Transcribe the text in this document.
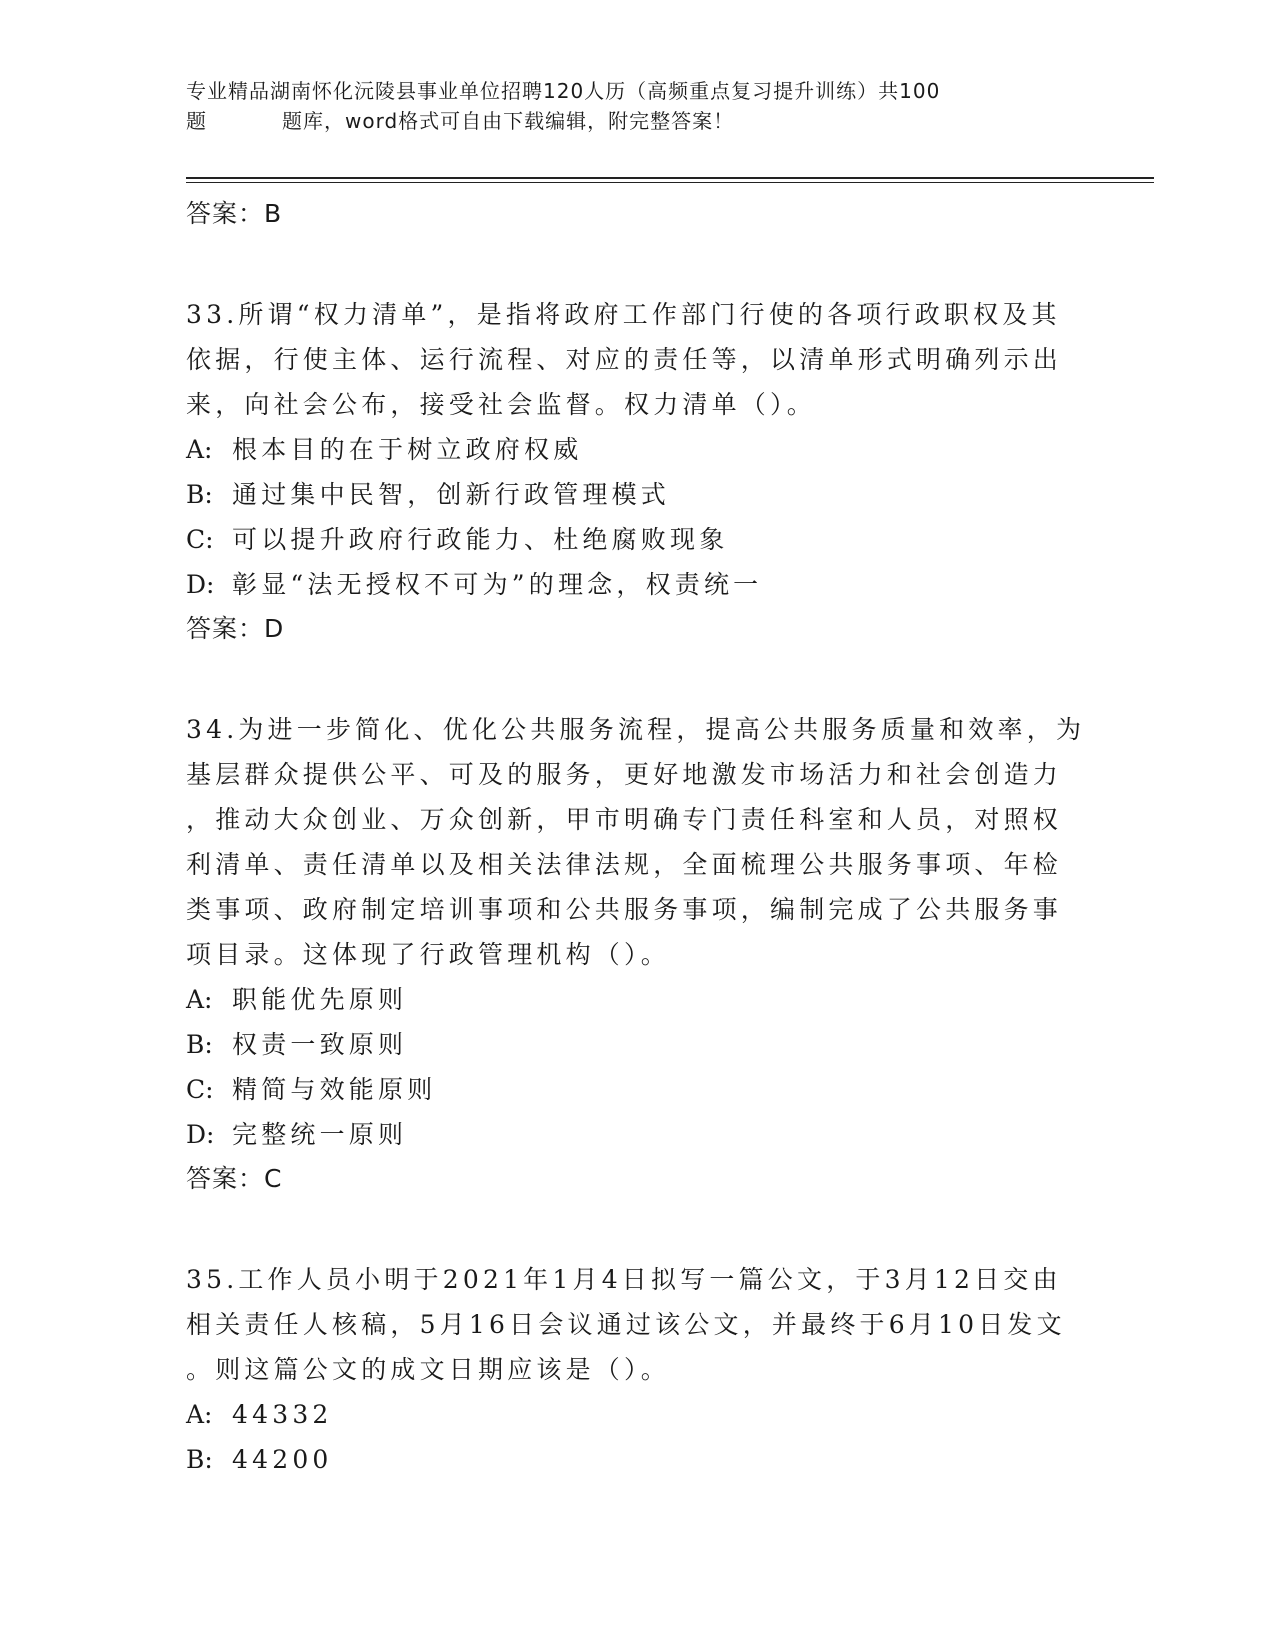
专业精品湖南怀化沅陵县事业单位招聘120人历（高频重点复习提升训练）共100
题	题库，word格式可自由下载编辑，附完整答案！
答案：B
33.所谓“权力清单”，是指将政府工作部门行使的各项行政职权及其
依据，行使主体、运行流程、对应的责任等，以清单形式明确列示出
来，向社会公布，接受社会监督。权力清单（）。
A: 根本目的在于树立政府权威
B: 通过集中民智，创新行政管理模式
C: 可以提升政府行政能力、杜绝腐败现象
D: 彰显“法无授权不可为”的理念，权责统一
答案：D
34.为进一步简化、优化公共服务流程，提高公共服务质量和效率，为
基层群众提供公平、可及的服务，更好地激发市场活力和社会创造力
，推动大众创业、万众创新，甲市明确专门责任科室和人员，对照权
利清单、责任清单以及相关法律法规，全面梳理公共服务事项、年检
类事项、政府制定培训事项和公共服务事项，编制完成了公共服务事
项目录。这体现了行政管理机构（）。
A: 职能优先原则
B: 权责一致原则
C: 精简与效能原则
D: 完整统一原则
答案：C
35.工作人员小明于2021年1月4日拟写一篇公文，于3月12日交由
相关责任人核稿，5月16日会议通过该公文，并最终于6月10日发文
。则这篇公文的成文日期应该是（）。
A: 44332
B: 44200
